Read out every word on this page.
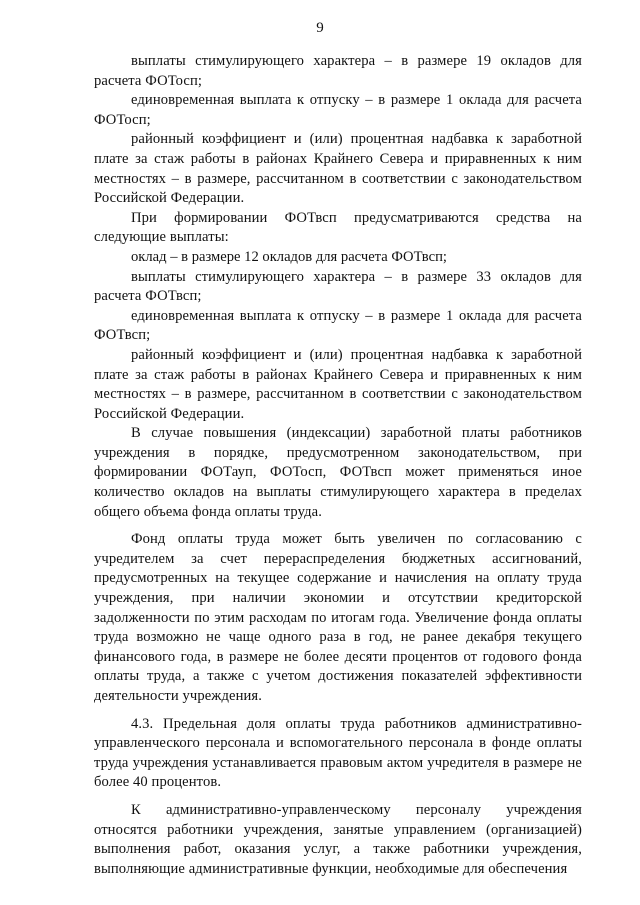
9

выплаты стимулирующего характера – в размере 19 окладов для расчета ФОТосп;

единовременная выплата к отпуску – в размере 1 оклада для расчета ФОТосп;

районный коэффициент и (или) процентная надбавка к заработной плате за стаж работы в районах Крайнего Севера и приравненных к ним местностях – в размере, рассчитанном в соответствии с законодательством Российской Федерации.

При формировании ФОТвсп предусматриваются средства на следующие выплаты:

оклад – в размере 12 окладов для расчета ФОТвсп;

выплаты стимулирующего характера – в размере 33 окладов для расчета ФОТвсп;

единовременная выплата к отпуску – в размере 1 оклада для расчета ФОТвсп;

районный коэффициент и (или) процентная надбавка к заработной плате за стаж работы в районах Крайнего Севера и приравненных к ним местностях – в размере, рассчитанном в соответствии с законодательством Российской Федерации.

В случае повышения (индексации) заработной платы работников учреждения в порядке, предусмотренном законодательством, при формировании ФОТауп, ФОТосп, ФОТвсп может применяться иное количество окладов на выплаты стимулирующего характера в пределах общего объема фонда оплаты труда.

Фонд оплаты труда может быть увеличен по согласованию с учредителем за счет перераспределения бюджетных ассигнований, предусмотренных на текущее содержание и начисления на оплату труда учреждения, при наличии экономии и отсутствии кредиторской задолженности по этим расходам по итогам года. Увеличение фонда оплаты труда возможно не чаще одного раза в год, не ранее декабря текущего финансового года, в размере не более десяти процентов от годового фонда оплаты труда, а также с учетом достижения показателей эффективности деятельности учреждения.

4.3. Предельная доля оплаты труда работников административно-управленческого персонала и вспомогательного персонала в фонде оплаты труда учреждения устанавливается правовым актом учредителя в размере не более 40 процентов.

К административно-управленческому персоналу учреждения относятся работники учреждения, занятые управлением (организацией) выполнения работ, оказания услуг, а также работники учреждения, выполняющие административные функции, необходимые для обеспечения
